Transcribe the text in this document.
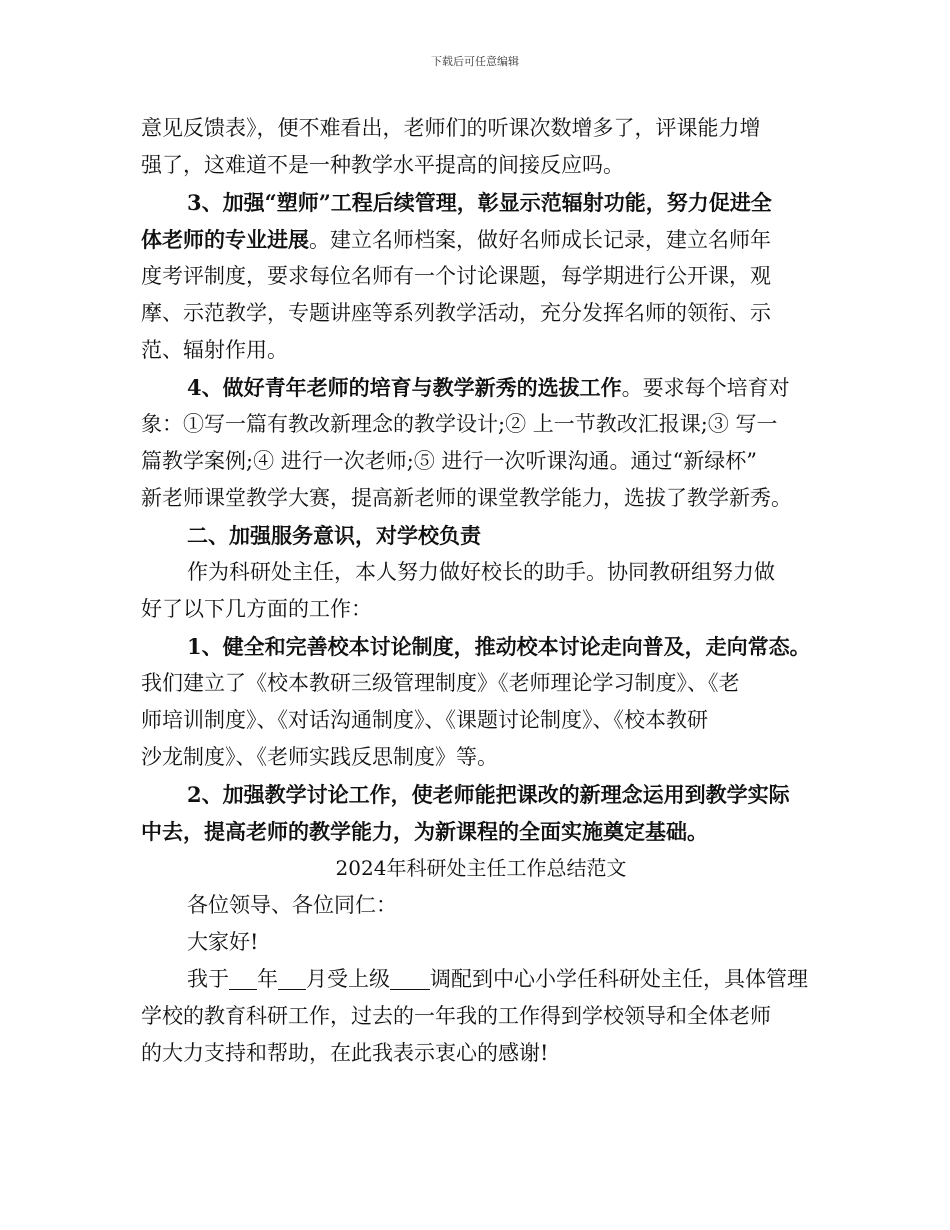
下载后可任意编辑
意见反馈表》，便不难看出，老师们的听课次数增多了，评课能力增
强了，这难道不是一种教学水平提高的间接反应吗。
3、加强“塑师”工程后续管理，彰显示范辐射功能，努力促进全
体老师的专业进展。建立名师档案，做好名师成长记录，建立名师年
度考评制度，要求每位名师有一个讨论课题，每学期进行公开课，观
摩、示范教学，专题讲座等系列教学活动，充分发挥名师的领衔、示
范、辐射作用。
4、做好青年老师的培育与教学新秀的选拔工作。要求每个培育对
象：①写一篇有教改新理念的教学设计;② 上一节教改汇报课;③ 写一
篇教学案例;④ 进行一次老师;⑤ 进行一次听课沟通。通过“新绿杯”
新老师课堂教学大赛，提高新老师的课堂教学能力，选拔了教学新秀。
二、加强服务意识，对学校负责
作为科研处主任，本人努力做好校长的助手。协同教研组努力做
好了以下几方面的工作：
1、健全和完善校本讨论制度，推动校本讨论走向普及，走向常态。
我们建立了《校本教研三级管理制度》《老师理论学习制度》、《老
师培训制度》、《对话沟通制度》、《课题讨论制度》、《校本教研
沙龙制度》、《老师实践反思制度》等。
2、加强教学讨论工作，使老师能把课改的新理念运用到教学实际
中去，提高老师的教学能力，为新课程的全面实施奠定基础。
2024年科研处主任工作总结范文
各位领导、各位同仁：
大家好!
我于 年 月受上级 调配到中心小学任科研处主任，具体管理
学校的教育科研工作，过去的一年我的工作得到学校领导和全体老师
的大力支持和帮助，在此我表示衷心的感谢!
